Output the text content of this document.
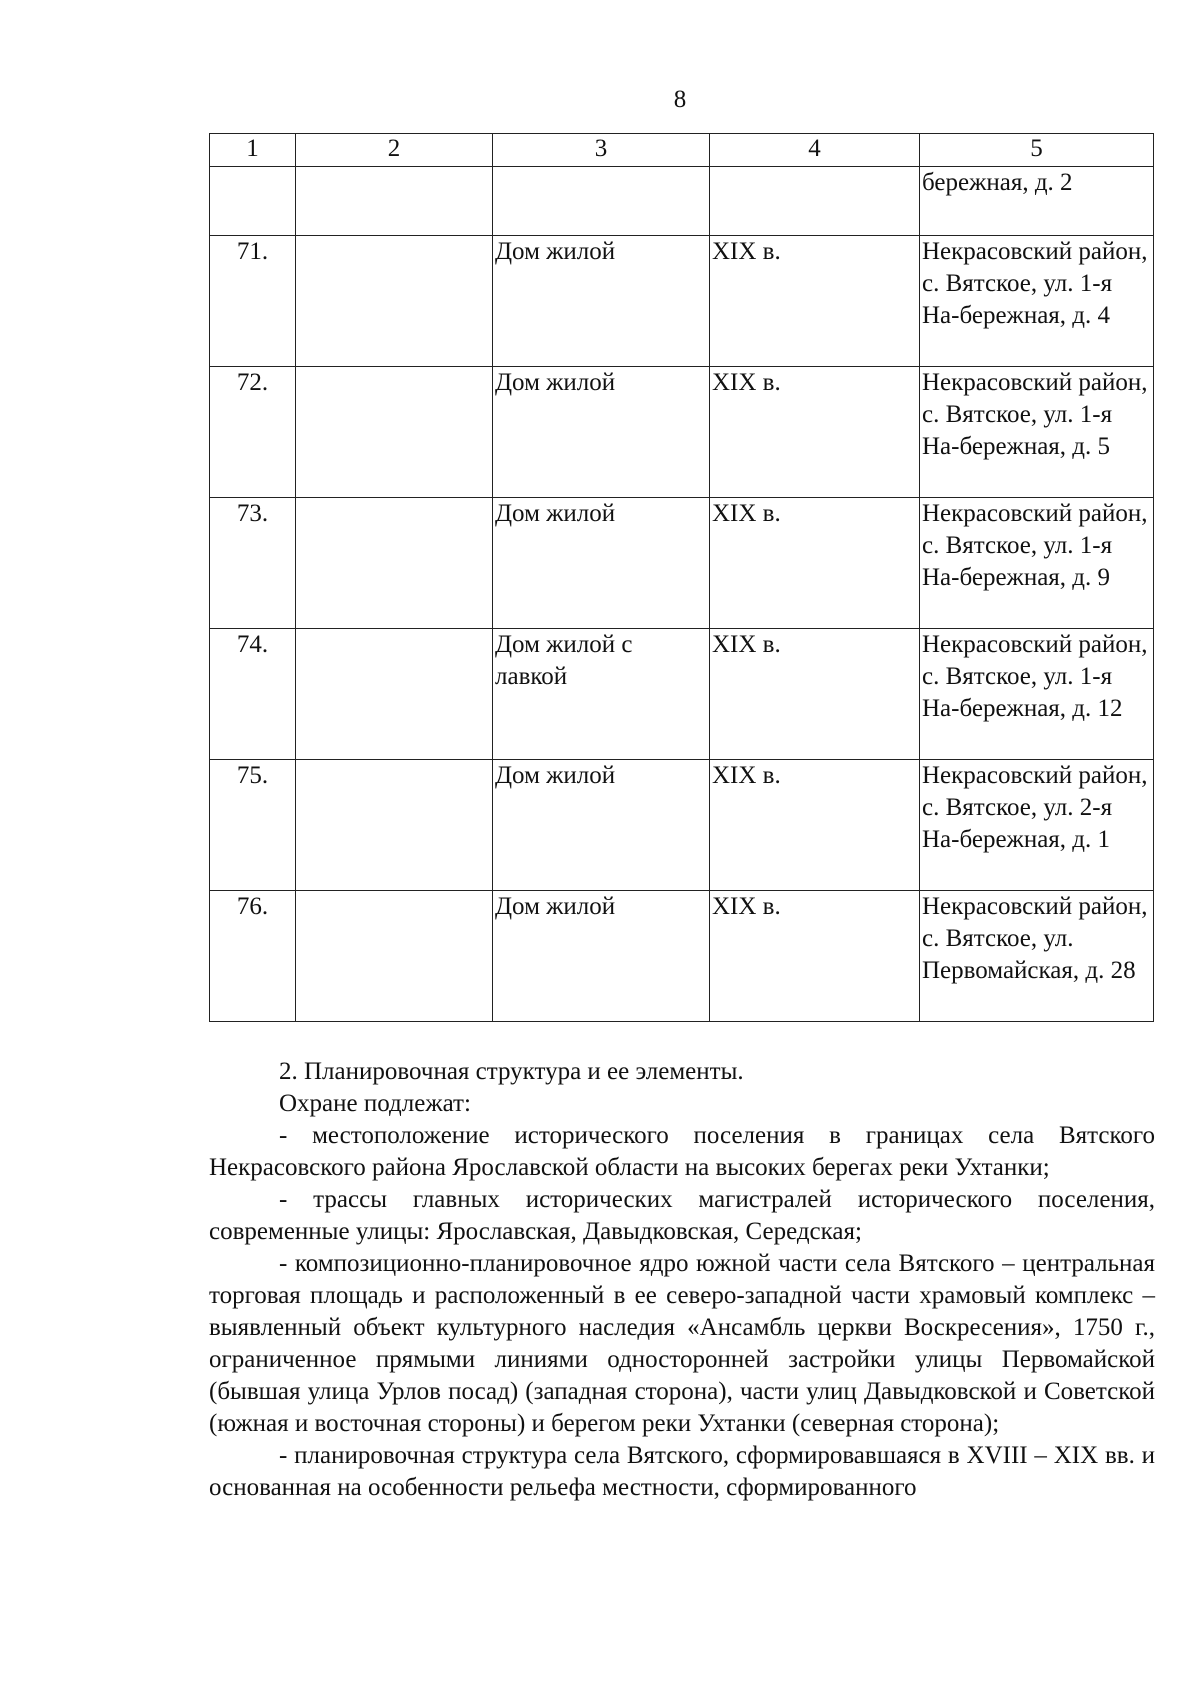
8
1	2	3	4	5
				бережная, д. 2
71.		Дом жилой	XIX в.	Некрасовский район, с. Вятское, ул. 1-я На-бережная, д. 4
72.		Дом жилой	XIX в.	Некрасовский район, с. Вятское, ул. 1-я На-бережная, д. 5
73.		Дом жилой	XIX в.	Некрасовский район, с. Вятское, ул. 1-я На-бережная, д. 9
74.		Дом жилой с лавкой	XIX в.	Некрасовский район, с. Вятское, ул. 1-я На-бережная, д. 12
75.		Дом жилой	XIX в.	Некрасовский район, с. Вятское, ул. 2-я На-бережная, д. 1
76.		Дом жилой	XIX в.	Некрасовский район, с. Вятское, ул. Первомайская, д. 28

2. Планировочная структура и ее элементы.

Охране подлежат:

- местоположение исторического поселения в границах села Вятского Некрасовского района Ярославской области на высоких берегах реки Ухтанки;

- трассы главных исторических магистралей исторического поселения, современные улицы: Ярославская, Давыдковская, Середская;

- композиционно-планировочное ядро южной части села Вятского – центральная торговая площадь и расположенный в ее северо-западной части храмовый комплекс – выявленный объект культурного наследия «Ансамбль церкви Воскресения», 1750 г., ограниченное прямыми линиями односторонней застройки улицы Первомайской (бывшая улица Урлов посад) (западная сторона), части улиц Давыдковской и Советской (южная и восточная стороны) и берегом реки Ухтанки (северная сторона);

- планировочная структура села Вятского, сформировавшаяся в XVIII – XIX вв. и основанная на особенности рельефа местности, сформированного
